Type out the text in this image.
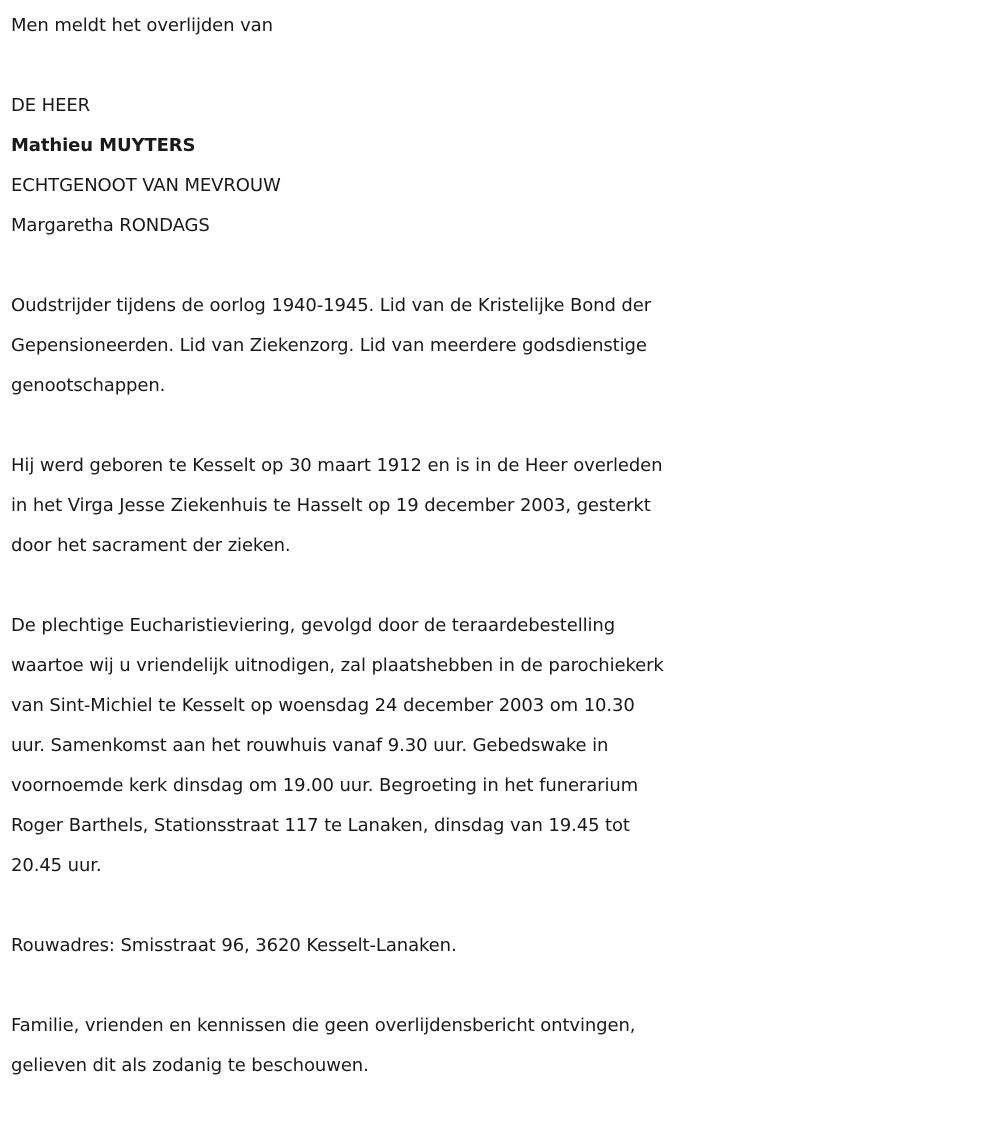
Men meldt het overlijden van

DE HEER

Mathieu MUYTERS

ECHTGENOOT VAN MEVROUW

Margaretha RONDAGS

Oudstrijder tijdens de oorlog 1940-1945. Lid van de Kristelijke Bond der

Gepensioneerden. Lid van Ziekenzorg. Lid van meerdere godsdienstige

genootschappen.

Hij werd geboren te Kesselt op 30 maart 1912 en is in de Heer overleden

in het Virga Jesse Ziekenhuis te Hasselt op 19 december 2003, gesterkt

door het sacrament der zieken.

De plechtige Eucharistieviering, gevolgd door de teraardebestelling

waartoe wij u vriendelijk uitnodigen, zal plaatshebben in de parochiekerk

van Sint-Michiel te Kesselt op woensdag 24 december 2003 om 10.30

uur. Samenkomst aan het rouwhuis vanaf 9.30 uur. Gebedswake in

voornoemde kerk dinsdag om 19.00 uur. Begroeting in het funerarium

Roger Barthels, Stationsstraat 117 te Lanaken, dinsdag van 19.45 tot

20.45 uur.

Rouwadres: Smisstraat 96, 3620 Kesselt-Lanaken.

Familie, vrienden en kennissen die geen overlijdensbericht ontvingen,

gelieven dit als zodanig te beschouwen.
